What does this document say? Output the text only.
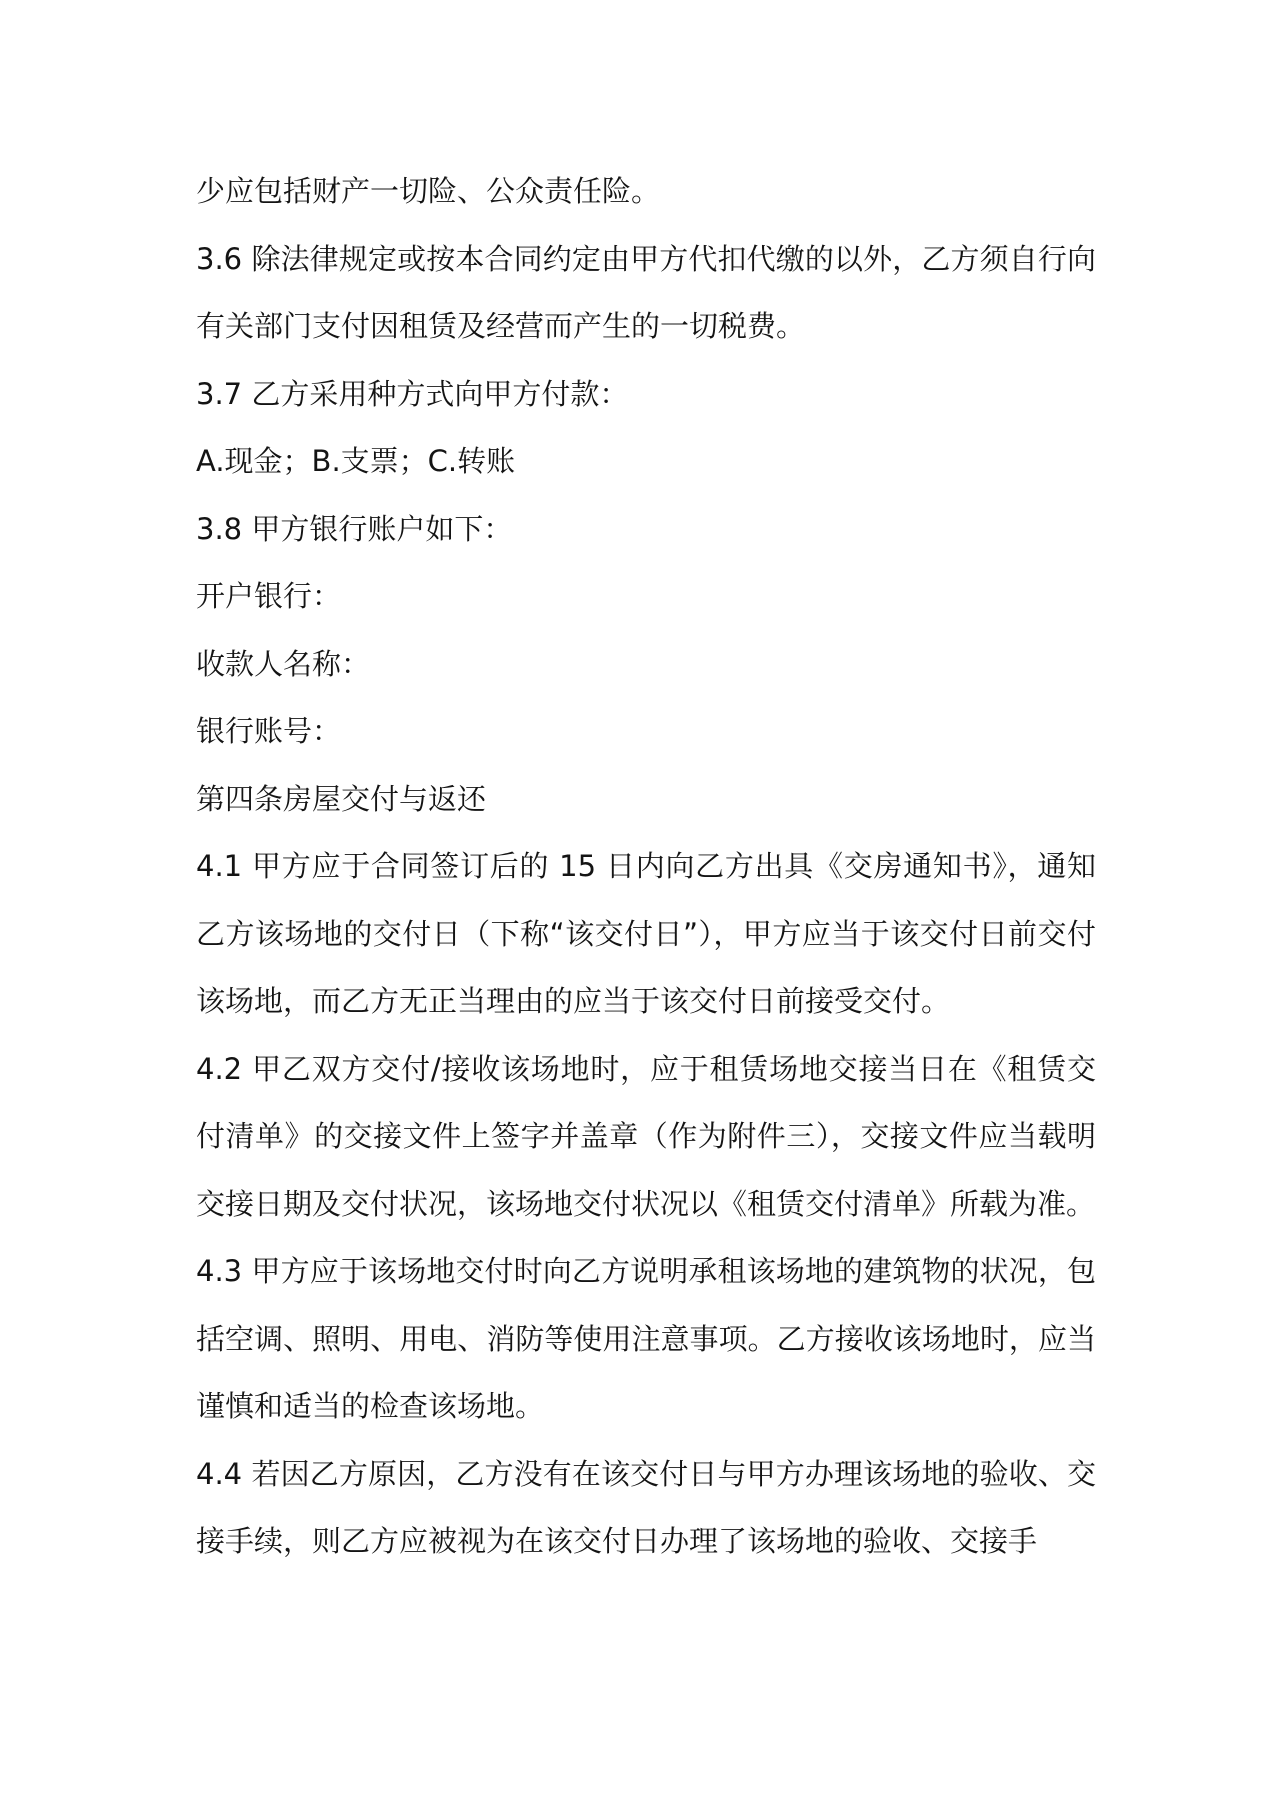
少应包括财产一切险、公众责任险。

3.6 除法律规定或按本合同约定由甲方代扣代缴的以外，乙方须自行向有关部门支付因租赁及经营而产生的一切税费。

3.7 乙方采用种方式向甲方付款：

A.现金；B.支票；C.转账

3.8 甲方银行账户如下：

开户银行：

收款人名称：

银行账号：

第四条房屋交付与返还

4.1 甲方应于合同签订后的 15 日内向乙方出具《交房通知书》，通知乙方该场地的交付日（下称“该交付日”），甲方应当于该交付日前交付该场地，而乙方无正当理由的应当于该交付日前接受交付。

4.2 甲乙双方交付/接收该场地时，应于租赁场地交接当日在《租赁交付清单》的交接文件上签字并盖章（作为附件三），交接文件应当载明交接日期及交付状况，该场地交付状况以《租赁交付清单》所载为准。

4.3 甲方应于该场地交付时向乙方说明承租该场地的建筑物的状况，包括空调、照明、用电、消防等使用注意事项。乙方接收该场地时，应当谨慎和适当的检查该场地。

4.4 若因乙方原因，乙方没有在该交付日与甲方办理该场地的验收、交接手续，则乙方应被视为在该交付日办理了该场地的验收、交接手
